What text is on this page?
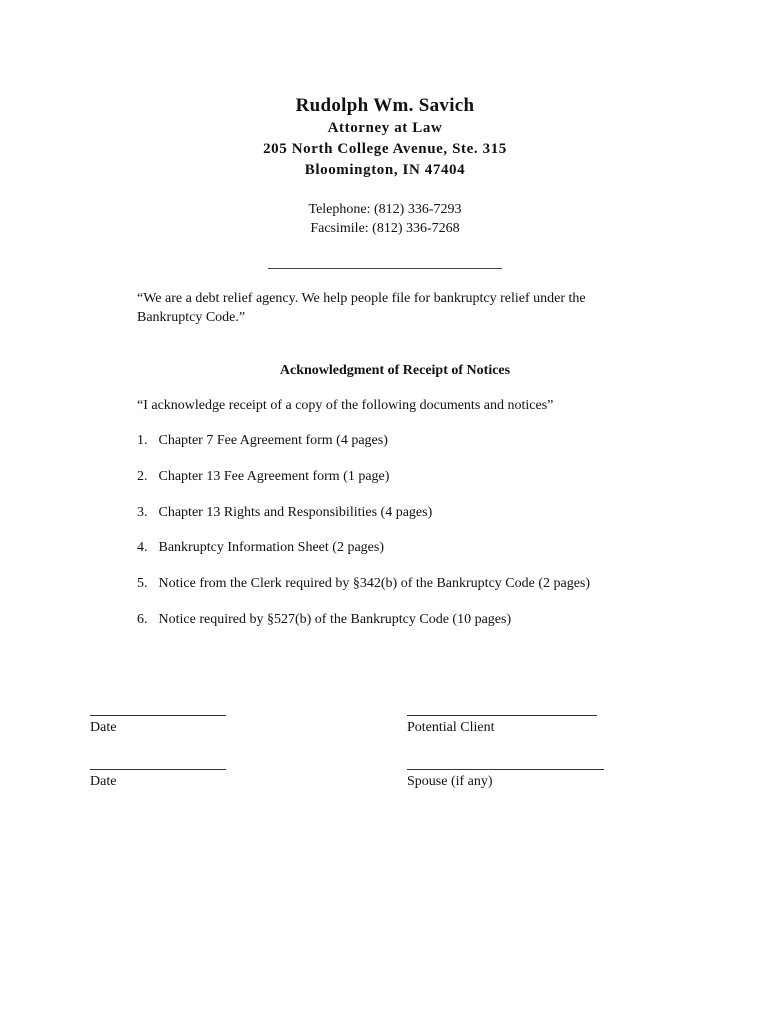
Rudolph Wm. Savich

Attorney at Law

205 North College Avenue, Ste. 315

Bloomington, IN 47404

Telephone: (812) 336-7293
Facsimile: (812) 336-7268
“We are a debt relief agency. We help people file for bankruptcy relief under the Bankruptcy Code.”
Acknowledgment of Receipt of Notices
“I acknowledge receipt of a copy of the following documents and notices”
1. Chapter 7 Fee Agreement form (4 pages)
2. Chapter 13 Fee Agreement form (1 page)
3. Chapter 13 Rights and Responsibilities (4 pages)
4. Bankruptcy Information Sheet (2 pages)
5. Notice from the Clerk required by §342(b) of the Bankruptcy Code (2 pages)
6. Notice required by §527(b) of the Bankruptcy Code (10 pages)
Date	Potential Client
Date	Spouse (if any)
